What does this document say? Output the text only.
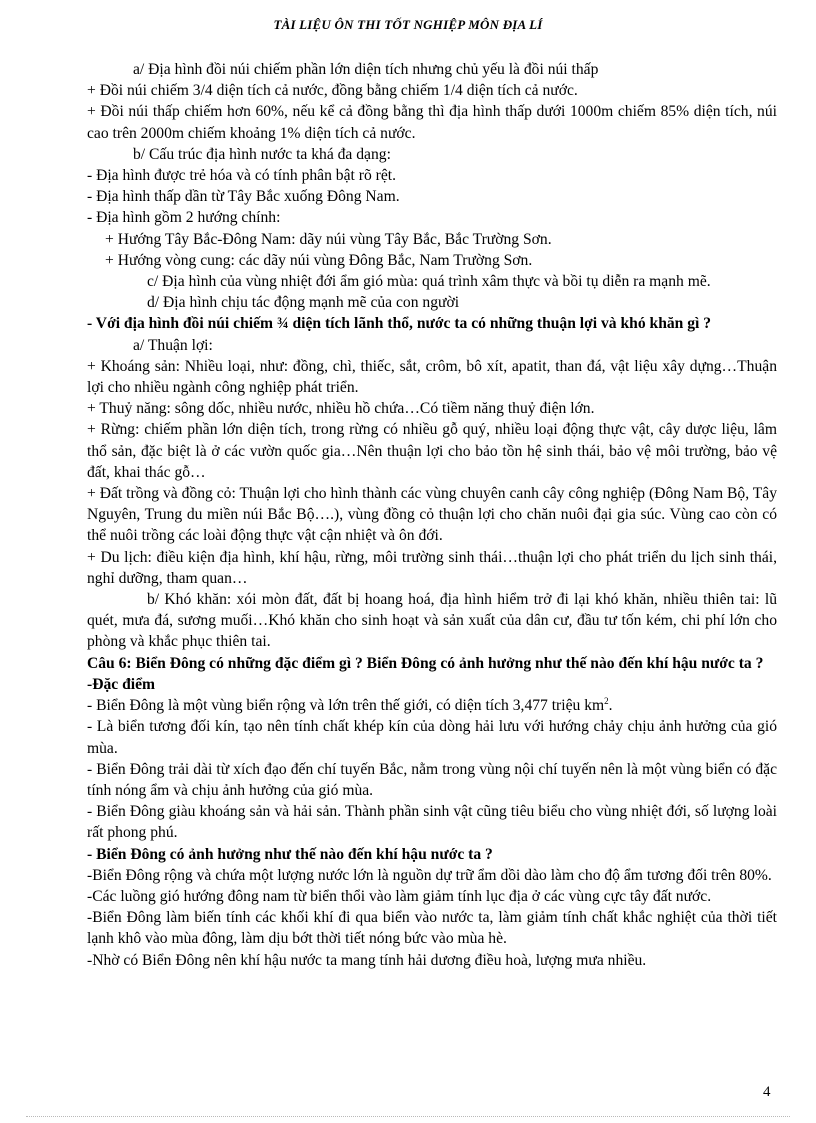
TÀI LIỆU ÔN THI TỐT NGHIỆP MÔN ĐỊA LÍ

a/ Địa hình đồi núi chiếm phần lớn diện tích nhưng chủ yếu là đồi núi thấp

+ Đồi núi chiếm 3/4 diện tích cả nước, đồng bằng chiếm 1/4 diện tích cả nước.

+ Đồi núi thấp chiếm hơn 60%, nếu kể cả đồng bằng thì địa hình thấp dưới 1000m chiếm 85% diện tích, núi cao trên 2000m chiếm khoảng 1% diện tích cả nước.

b/ Cấu trúc địa hình nước ta khá đa dạng:

- Địa hình được trẻ hóa và có tính phân bật rõ rệt.

- Địa hình thấp dần từ Tây Bắc xuống Đông Nam.

- Địa hình gồm 2 hướng chính:

+ Hướng Tây Bắc-Đông Nam: dãy núi vùng Tây Bắc, Bắc Trường Sơn.

+ Hướng vòng cung: các dãy núi vùng Đông Bắc, Nam Trường Sơn.

c/ Địa hình của vùng nhiệt đới ẩm gió mùa: quá trình xâm thực và bồi tụ diễn ra mạnh mẽ.

d/ Địa hình chịu tác động mạnh mẽ của con người

- Với địa hình đồi núi chiếm ¾ diện tích lãnh thổ, nước ta có những thuận lợi và khó khăn gì ?

a/ Thuận lợi:

+ Khoáng sản: Nhiều loại, như: đồng, chì, thiếc, sắt, crôm, bô xít, apatit, than đá, vật liệu xây dựng…Thuận lợi cho nhiều ngành công nghiệp phát triển.

+ Thuỷ năng: sông dốc, nhiều nước, nhiều hồ chứa…Có tiềm năng thuỷ điện lớn.

+ Rừng: chiếm phần lớn diện tích, trong rừng có nhiều gỗ quý, nhiều loại động thực vật, cây dược liệu, lâm thổ sản, đặc biệt là ở các vườn quốc gia…Nên thuận lợi cho bảo tồn hệ sinh thái, bảo vệ môi trường, bảo vệ đất, khai thác gỗ…

+ Đất trồng và đồng cỏ: Thuận lợi cho hình thành các vùng chuyên canh cây công nghiệp (Đông Nam Bộ, Tây Nguyên, Trung du miền núi Bắc Bộ….), vùng đồng cỏ thuận lợi cho chăn nuôi đại gia súc. Vùng cao còn có thể nuôi trồng các loài động thực vật cận nhiệt và ôn đới.

+ Du lịch: điều kiện địa hình, khí hậu, rừng, môi trường sinh thái…thuận lợi cho phát triển du lịch sinh thái, nghỉ dưỡng, tham quan…

b/ Khó khăn: xói mòn đất, đất bị hoang hoá, địa hình hiểm trở đi lại khó khăn, nhiều thiên tai: lũ quét, mưa đá, sương muối…Khó khăn cho sinh hoạt và sản xuất của dân cư, đầu tư tốn kém, chi phí lớn cho phòng và khắc phục thiên tai.

Câu 6: Biển Đông có những đặc điểm gì ? Biển Đông có ảnh hưởng như thế nào đến khí hậu nước ta ?

-Đặc điểm

- Biển Đông là một vùng biển rộng và lớn trên thế giới, có diện tích 3,477 triệu $km^2$.

- Là biển tương đối kín, tạo nên tính chất khép kín của dòng hải lưu với hướng chảy chịu ảnh hưởng của gió mùa.

- Biển Đông trải dài từ xích đạo đến chí tuyến Bắc, nằm trong vùng nội chí tuyến nên là một vùng biển có đặc tính nóng ẩm và chịu ảnh hưởng của gió mùa.

- Biển Đông giàu khoáng sản và hải sản. Thành phần sinh vật cũng tiêu biểu cho vùng nhiệt đới, số lượng loài rất phong phú.

- Biển Đông có ảnh hưởng như thế nào đến khí hậu nước ta ?

-Biển Đông rộng và chứa một lượng nước lớn là nguồn dự trữ ẩm dồi dào làm cho độ ẩm tương đối trên 80%.

-Các luồng gió hướng đông nam từ biển thổi vào làm giảm tính lục địa ở các vùng cực tây đất nước.

-Biển Đông làm biến tính các khối khí đi qua biển vào nước ta, làm giảm tính chất khắc nghiệt của thời tiết lạnh khô vào mùa đông, làm dịu bớt thời tiết nóng bức vào mùa hè.

-Nhờ có Biển Đông nên khí hậu nước ta mang tính hải dương điều hoà, lượng mưa nhiều.

4
